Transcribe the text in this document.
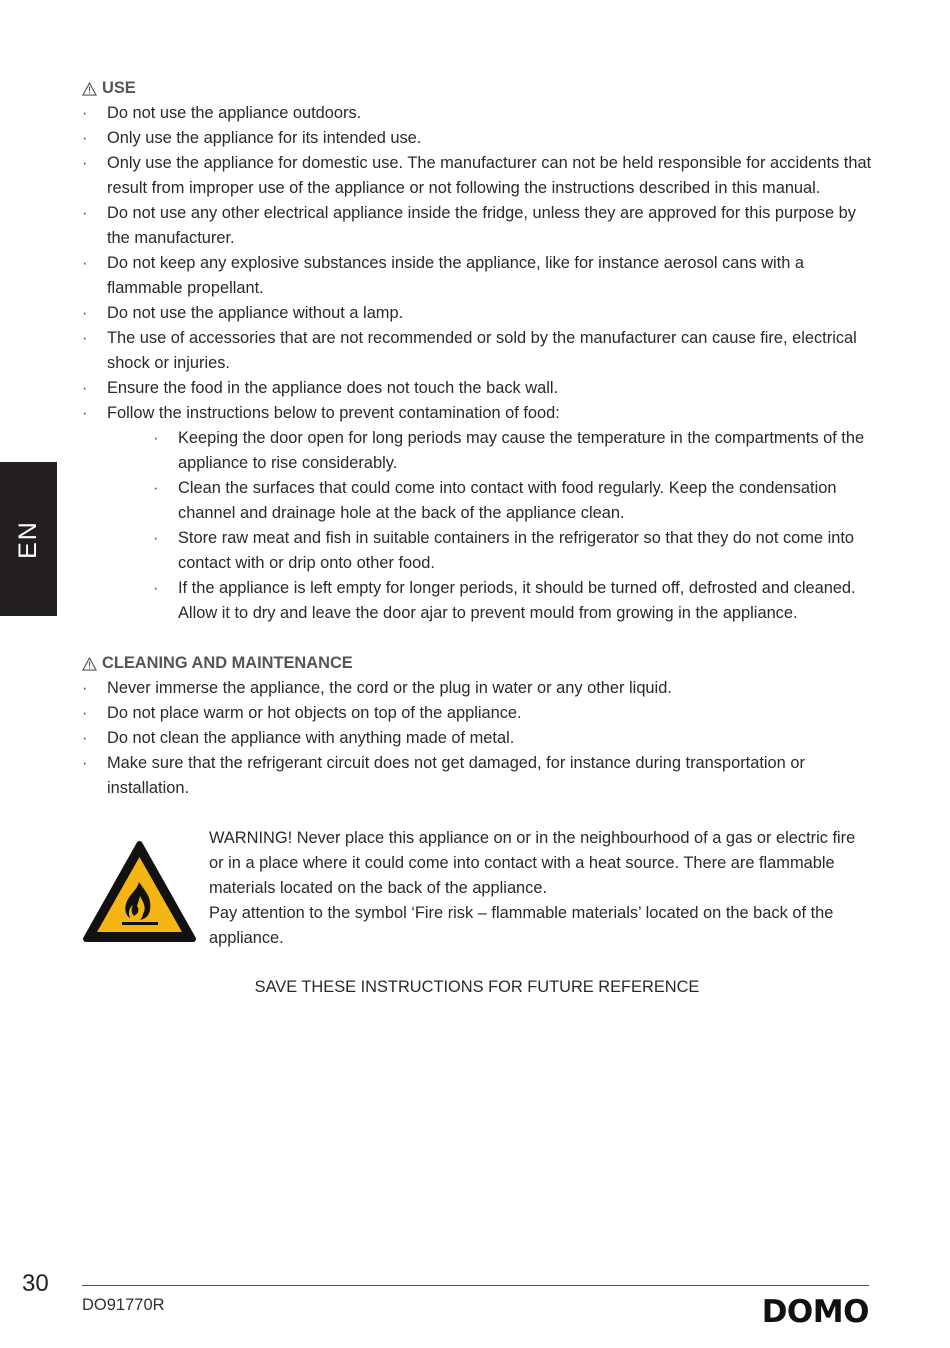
EN
USE
· Do not use the appliance outdoors.
· Only use the appliance for its intended use.
· Only use the appliance for domestic use. The manufacturer can not be held responsible for accidents that result from improper use of the appliance or not following the instructions described in this manual.
· Do not use any other electrical appliance inside the fridge, unless they are approved for this purpose by the manufacturer.
· Do not keep any explosive substances inside the appliance, like for instance aerosol cans with a flammable propellant.
· Do not use the appliance without a lamp.
· The use of accessories that are not recommended or sold by the manufacturer can cause fire, electrical shock or injuries.
· Ensure the food in the appliance does not touch the back wall.
· Follow the instructions below to prevent contamination of food:
· Keeping the door open for long periods may cause the temperature in the compartments of the appliance to rise considerably.
· Clean the surfaces that could come into contact with food regularly. Keep the condensation channel and drainage hole at the back of the appliance clean.
· Store raw meat and fish in suitable containers in the refrigerator so that they do not come into contact with or drip onto other food.
· If the appliance is left empty for longer periods, it should be turned off, defrosted and cleaned. Allow it to dry and leave the door ajar to prevent mould from growing in the appliance.
CLEANING AND MAINTENANCE
· Never immerse the appliance, the cord or the plug in water or any other liquid.
· Do not place warm or hot objects on top of the appliance.
· Do not clean the appliance with anything made of metal.
· Make sure that the refrigerant circuit does not get damaged, for instance during transportation or installation.
WARNING! Never place this appliance on or in the neighbourhood of a gas or electric fire or in a place where it could come into contact with a heat source. There are flammable materials located on the back of the appliance.
Pay attention to the symbol ‘Fire risk – flammable materials’ located on the back of the appliance.
SAVE THESE INSTRUCTIONS FOR FUTURE REFERENCE
30
DO91770R	DOMO
